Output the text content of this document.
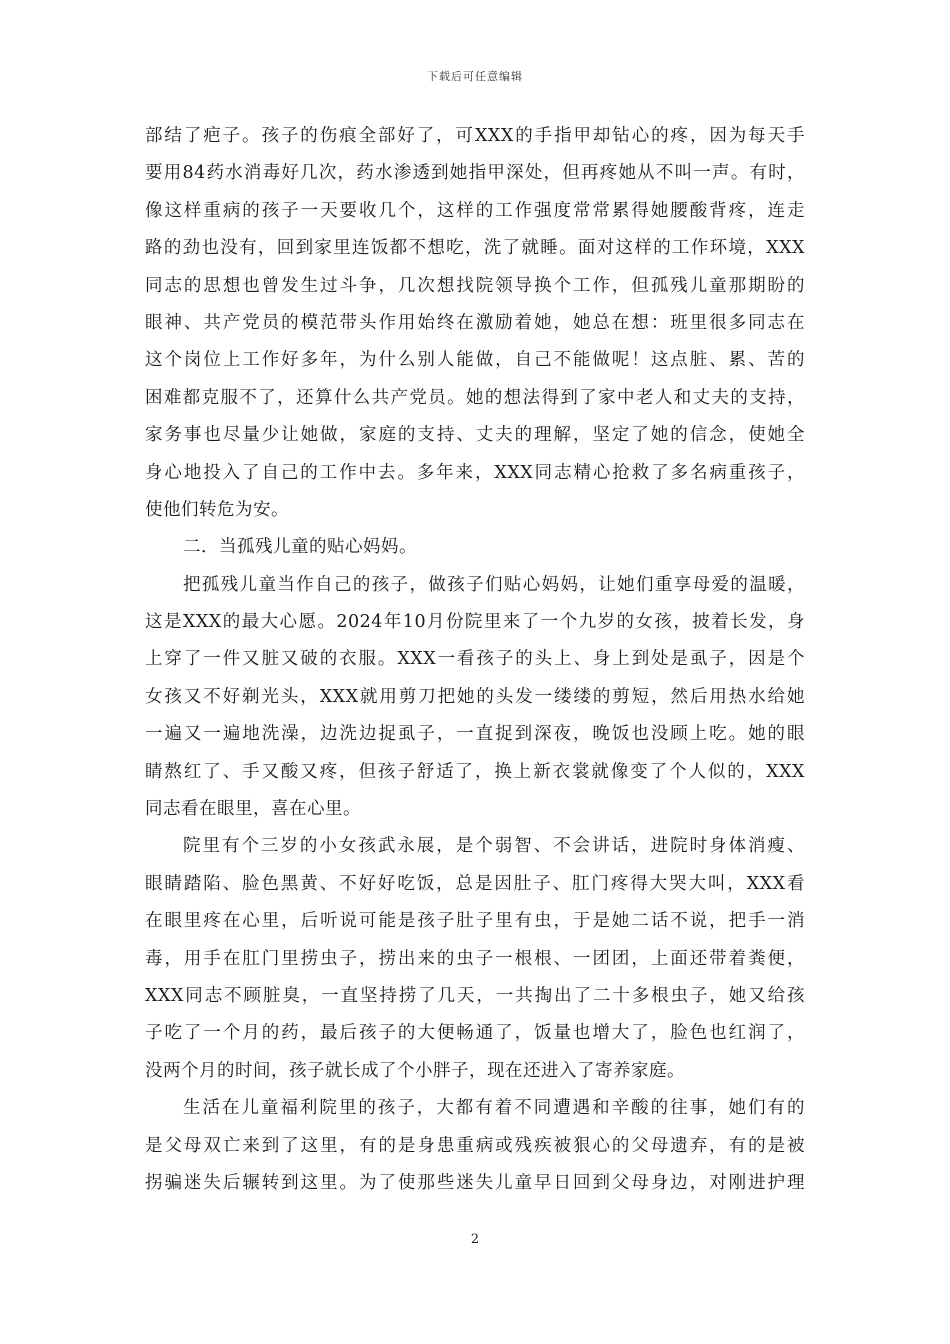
下载后可任意编辑
部结了疤子。孩子的伤痕全部好了，可XXX的手指甲却钻心的疼，因为每天手
要用84药水消毒好几次，药水渗透到她指甲深处，但再疼她从不叫一声。有时，
像这样重病的孩子一天要收几个，这样的工作强度常常累得她腰酸背疼，连走
路的劲也没有，回到家里连饭都不想吃，洗了就睡。面对这样的工作环境，XXX
同志的思想也曾发生过斗争，几次想找院领导换个工作，但孤残儿童那期盼的
眼神、共产党员的模范带头作用始终在激励着她，她总在想：班里很多同志在
这个岗位上工作好多年，为什么别人能做，自己不能做呢！这点脏、累、苦的
困难都克服不了，还算什么共产党员。她的想法得到了家中老人和丈夫的支持，
家务事也尽量少让她做，家庭的支持、丈夫的理解，坚定了她的信念，使她全
身心地投入了自己的工作中去。多年来，XXX同志精心抢救了多名病重孩子，
使他们转危为安。
二．当孤残儿童的贴心妈妈。
把孤残儿童当作自己的孩子，做孩子们贴心妈妈，让她们重享母爱的温暖，
这是XXX的最大心愿。2024年10月份院里来了一个九岁的女孩，披着长发，身
上穿了一件又脏又破的衣服。XXX一看孩子的头上、身上到处是虱子，因是个
女孩又不好剃光头，XXX就用剪刀把她的头发一缕缕的剪短，然后用热水给她
一遍又一遍地洗澡，边洗边捉虱子，一直捉到深夜，晚饭也没顾上吃。她的眼
睛熬红了、手又酸又疼，但孩子舒适了，换上新衣裳就像变了个人似的，XXX
同志看在眼里，喜在心里。
院里有个三岁的小女孩武永展，是个弱智、不会讲话，进院时身体消瘦、
眼睛踏陷、脸色黑黄、不好好吃饭，总是因肚子、肛门疼得大哭大叫，XXX看
在眼里疼在心里，后听说可能是孩子肚子里有虫，于是她二话不说，把手一消
毒，用手在肛门里捞虫子，捞出来的虫子一根根、一团团，上面还带着粪便，
XXX同志不顾脏臭，一直坚持捞了几天，一共掏出了二十多根虫子，她又给孩
子吃了一个月的药，最后孩子的大便畅通了，饭量也增大了，脸色也红润了，
没两个月的时间，孩子就长成了个小胖子，现在还进入了寄养家庭。
生活在儿童福利院里的孩子，大都有着不同遭遇和辛酸的往事，她们有的
是父母双亡来到了这里，有的是身患重病或残疾被狠心的父母遗弃，有的是被
拐骗迷失后辗转到这里。为了使那些迷失儿童早日回到父母身边，对刚进护理
2
